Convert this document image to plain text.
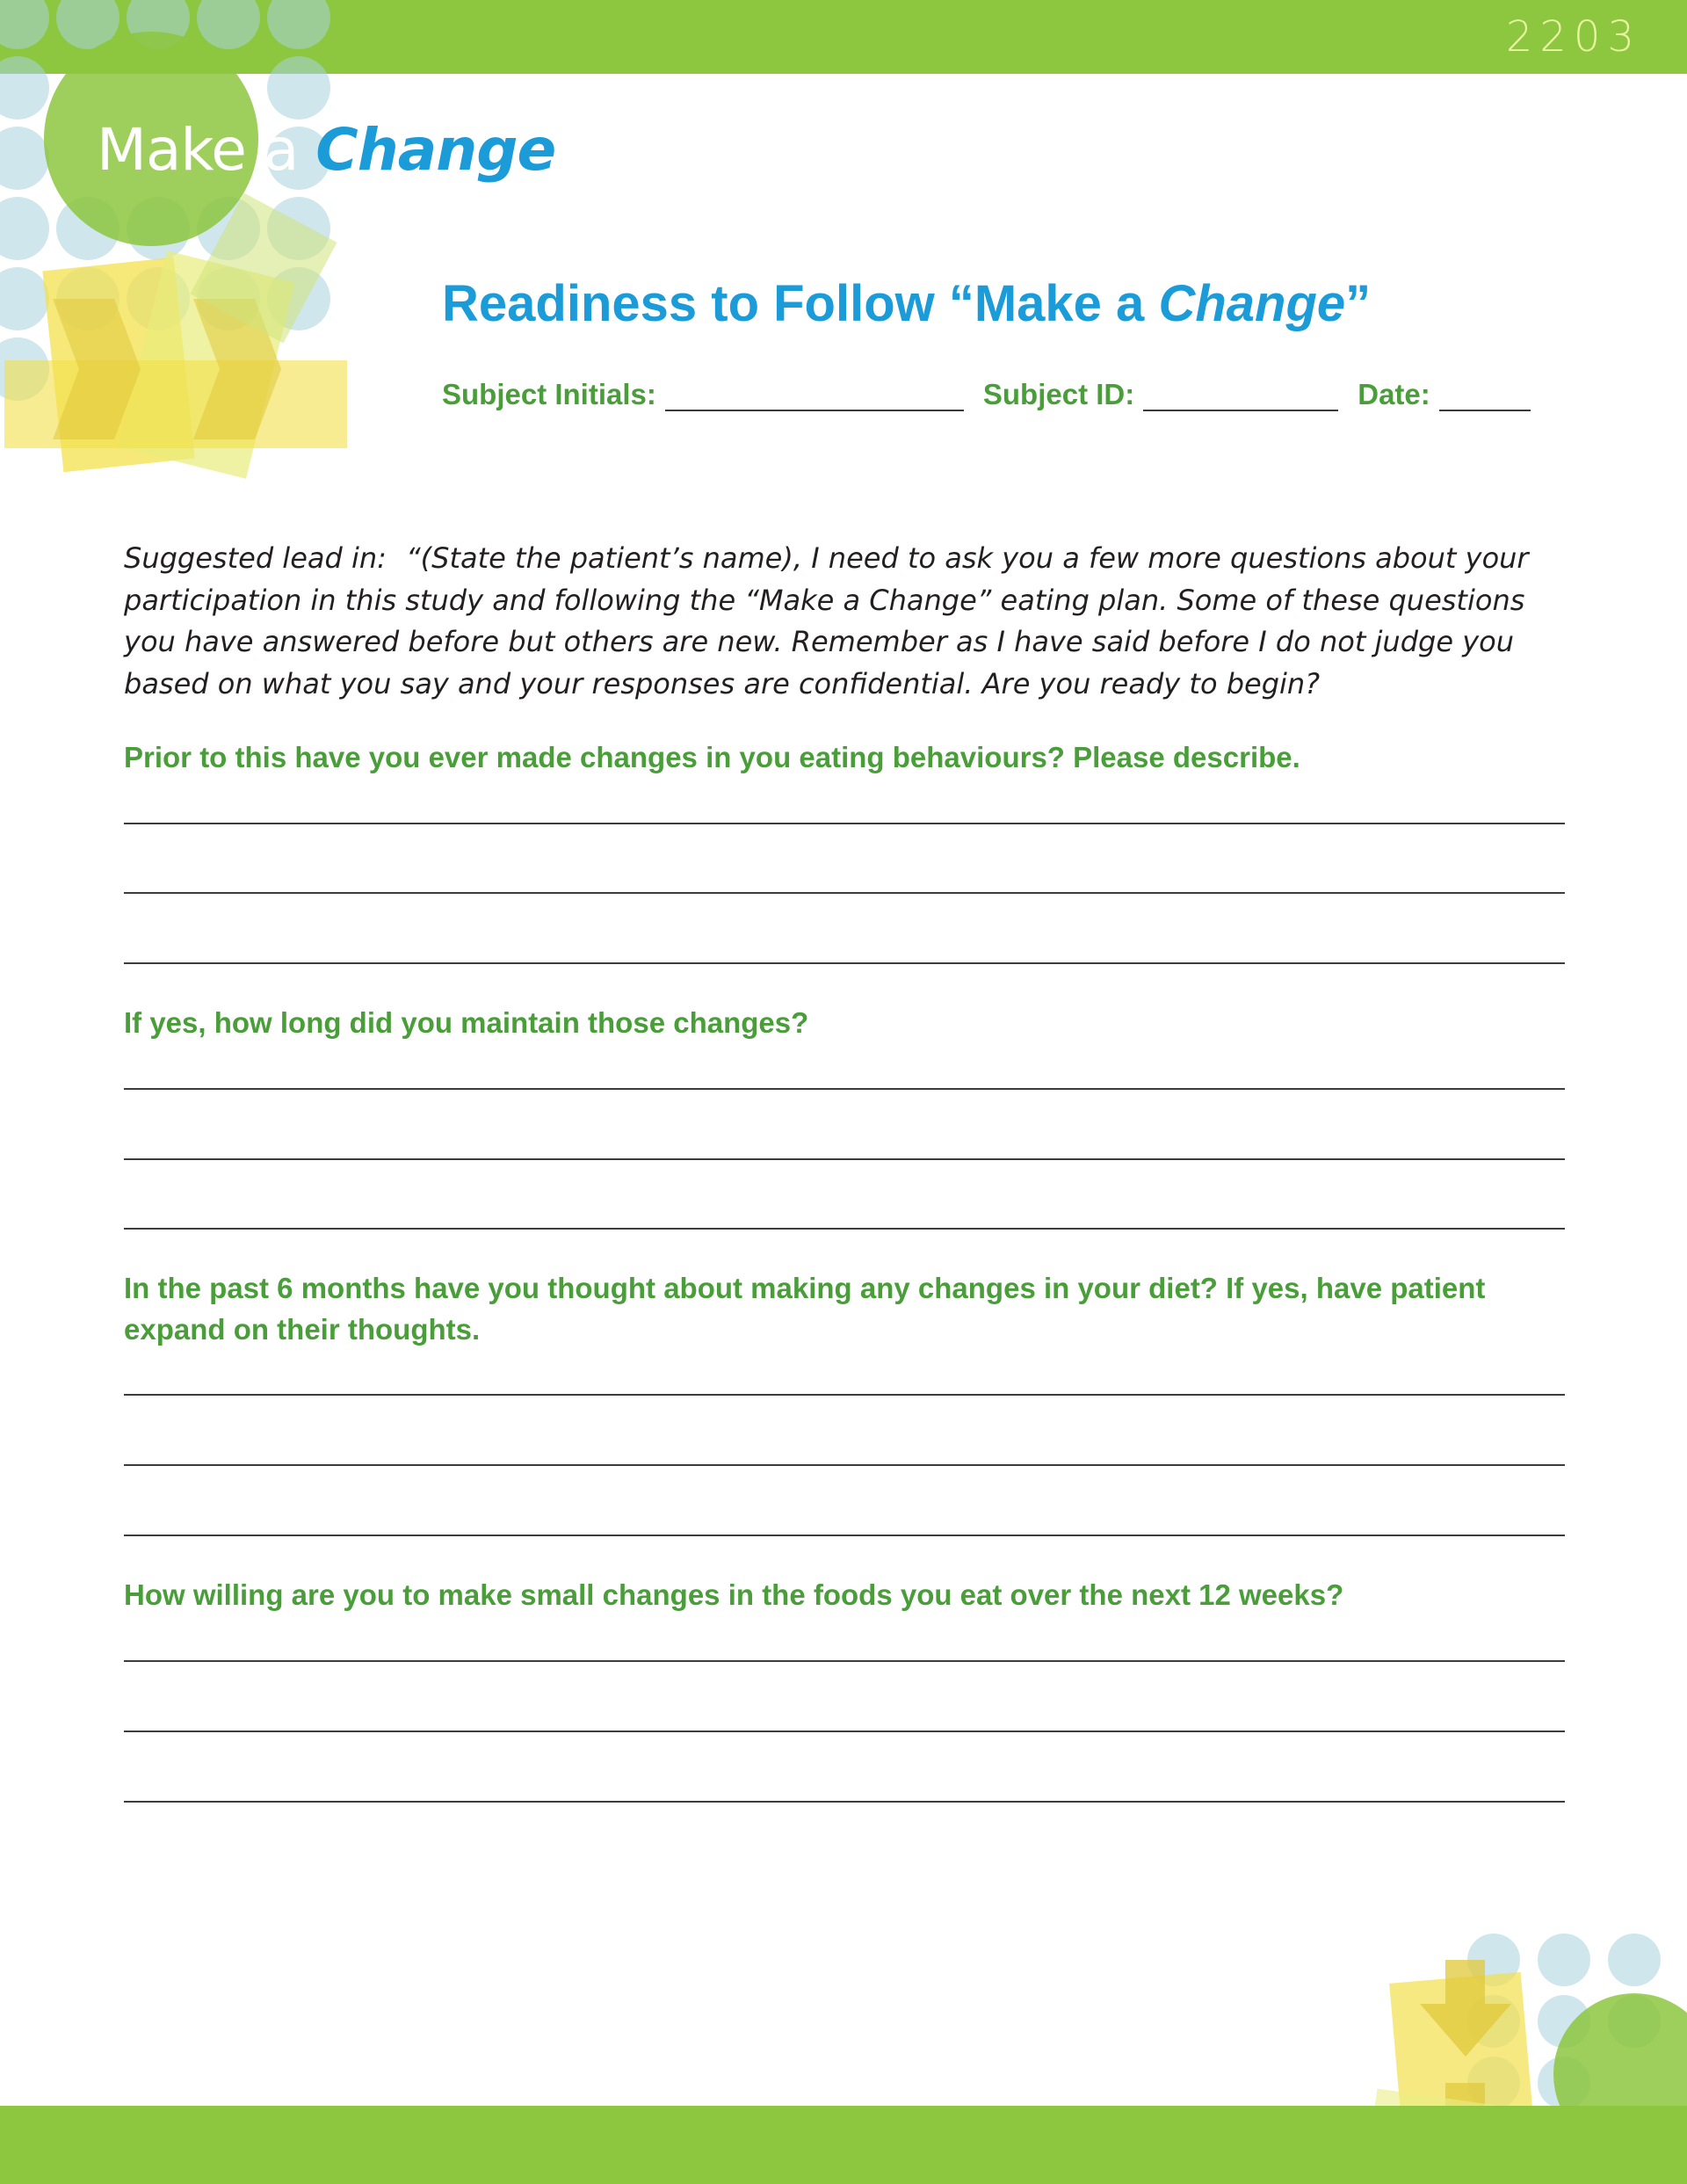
2203
Make a Change
Readiness to Follow “Make a Change”
Subject Initials:	Subject ID:	Date:
Suggested lead in: “(State the patient’s name), I need to ask you a few more questions about your participation in this study and following the “Make a Change” eating plan. Some of these questions you have answered before but others are new. Remember as I have said before I do not judge you based on what you say and your responses are confidential. Are you ready to begin?
Prior to this have you ever made changes in you eating behaviours? Please describe.
If yes, how long did you maintain those changes?
In the past 6 months have you thought about making any changes in your diet? If yes, have patient expand on their thoughts.
How willing are you to make small changes in the foods you eat over the next 12 weeks?
